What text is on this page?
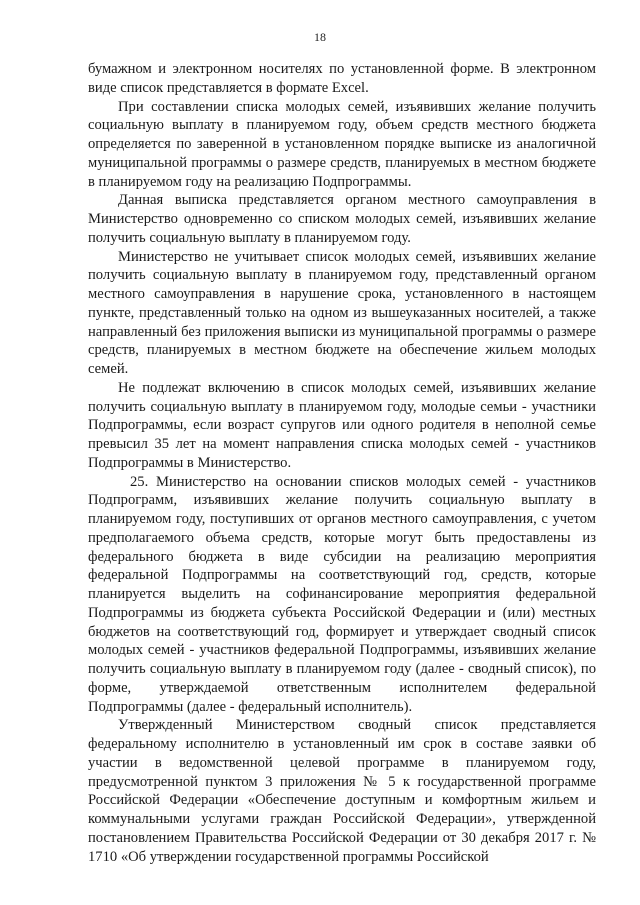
18

бумажном и электронном носителях по установленной форме. В электронном виде список представляется в формате Excel.

При составлении списка молодых семей, изъявивших желание получить социальную выплату в планируемом году, объем средств местного бюджета определяется по заверенной в установленном порядке выписке из аналогичной муниципальной программы о размере средств, планируемых в местном бюджете в планируемом году на реализацию Подпрограммы.

Данная выписка представляется органом местного самоуправления в Министерство одновременно со списком молодых семей, изъявивших желание получить социальную выплату в планируемом году.

Министерство не учитывает список молодых семей, изъявивших желание получить социальную выплату в планируемом году, представленный органом местного самоуправления в нарушение срока, установленного в настоящем пункте, представленный только на одном из вышеуказанных носителей, а также направленный без приложения выписки из муниципальной программы о размере средств, планируемых в местном бюджете на обеспечение жильем молодых семей.

Не подлежат включению в список молодых семей, изъявивших желание получить социальную выплату в планируемом году, молодые семьи - участники Подпрограммы, если возраст супругов или одного родителя в неполной семье превысил 35 лет на момент направления списка молодых семей - участников Подпрограммы в Министерство.

25. Министерство на основании списков молодых семей - участников Подпрограмм, изъявивших желание получить социальную выплату в планируемом году, поступивших от органов местного самоуправления, с учетом предполагаемого объема средств, которые могут быть предоставлены из федерального бюджета в виде субсидии на реализацию мероприятия федеральной Подпрограммы на соответствующий год, средств, которые планируется выделить на софинансирование мероприятия федеральной Подпрограммы из бюджета субъекта Российской Федерации и (или) местных бюджетов на соответствующий год, формирует и утверждает сводный список молодых семей - участников федеральной Подпрограммы, изъявивших желание получить социальную выплату в планируемом году (далее - сводный список), по форме, утверждаемой ответственным исполнителем федеральной Подпрограммы (далее - федеральный исполнитель).

Утвержденный Министерством сводный список представляется федеральному исполнителю в установленный им срок в составе заявки об участии в ведомственной целевой программе в планируемом году, предусмотренной пунктом 3 приложения № 5 к государственной программе Российской Федерации «Обеспечение доступным и комфортным жильем и коммунальными услугами граждан Российской Федерации», утвержденной постановлением Правительства Российской Федерации от 30 декабря 2017 г. № 1710 «Об утверждении государственной программы Российской
